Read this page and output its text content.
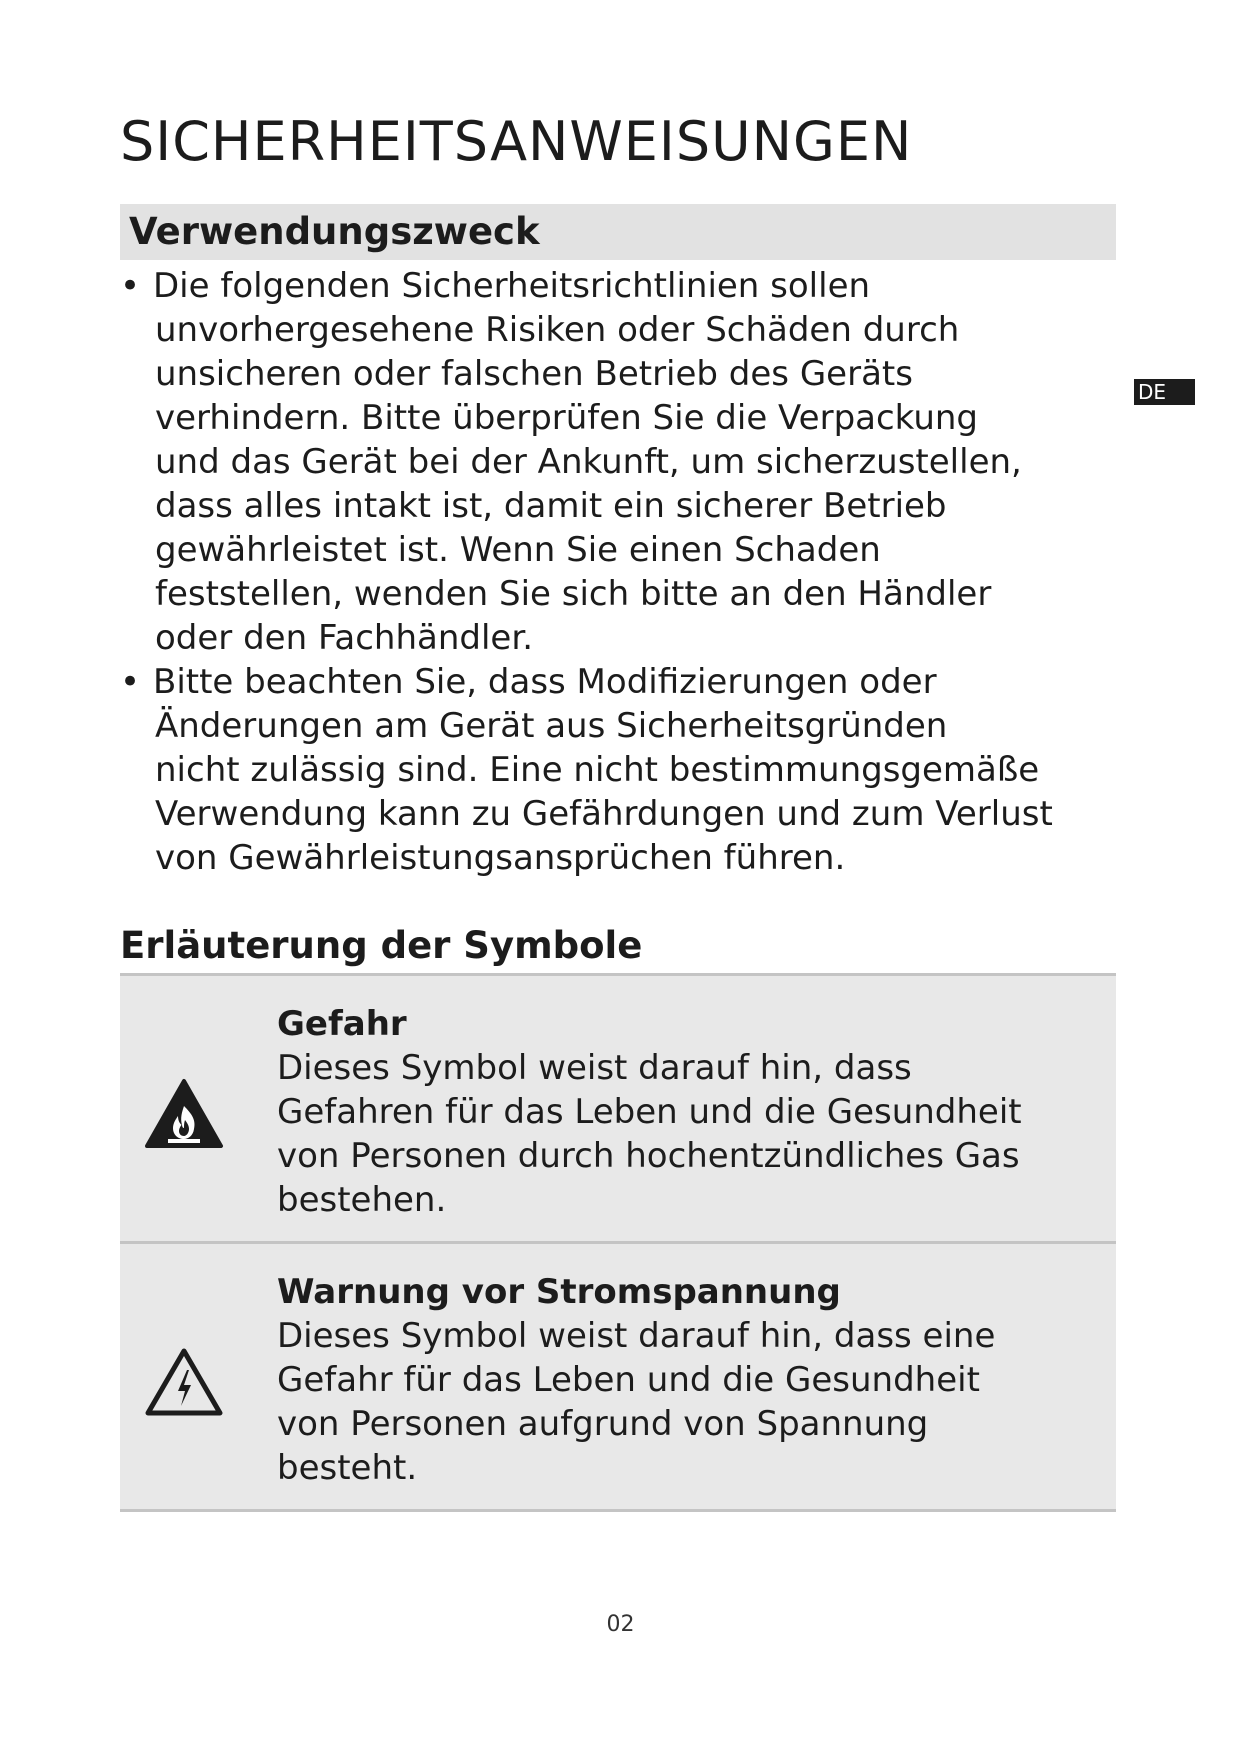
SICHERHEITSANWEISUNGEN
Verwendungszweck
• Die folgenden Sicherheitsrichtlinien sollen
unvorhergesehene Risiken oder Schäden durch
unsicheren oder falschen Betrieb des Geräts
verhindern. Bitte überprüfen Sie die Verpackung
und das Gerät bei der Ankunft, um sicherzustellen,
dass alles intakt ist, damit ein sicherer Betrieb
gewährleistet ist. Wenn Sie einen Schaden
feststellen, wenden Sie sich bitte an den Händler
oder den Fachhändler.
• Bitte beachten Sie, dass Modifizierungen oder
Änderungen am Gerät aus Sicherheitsgründen
nicht zulässig sind. Eine nicht bestimmungsgemäße
Verwendung kann zu Gefährdungen und zum Verlust
von Gewährleistungsansprüchen führen.
DE
Erläuterung der Symbole
Gefahr
Dieses Symbol weist darauf hin, dass
Gefahren für das Leben und die Gesundheit
von Personen durch hochentzündliches Gas
bestehen.
Warnung vor Stromspannung
Dieses Symbol weist darauf hin, dass eine
Gefahr für das Leben und die Gesundheit
von Personen aufgrund von Spannung
besteht.
02
